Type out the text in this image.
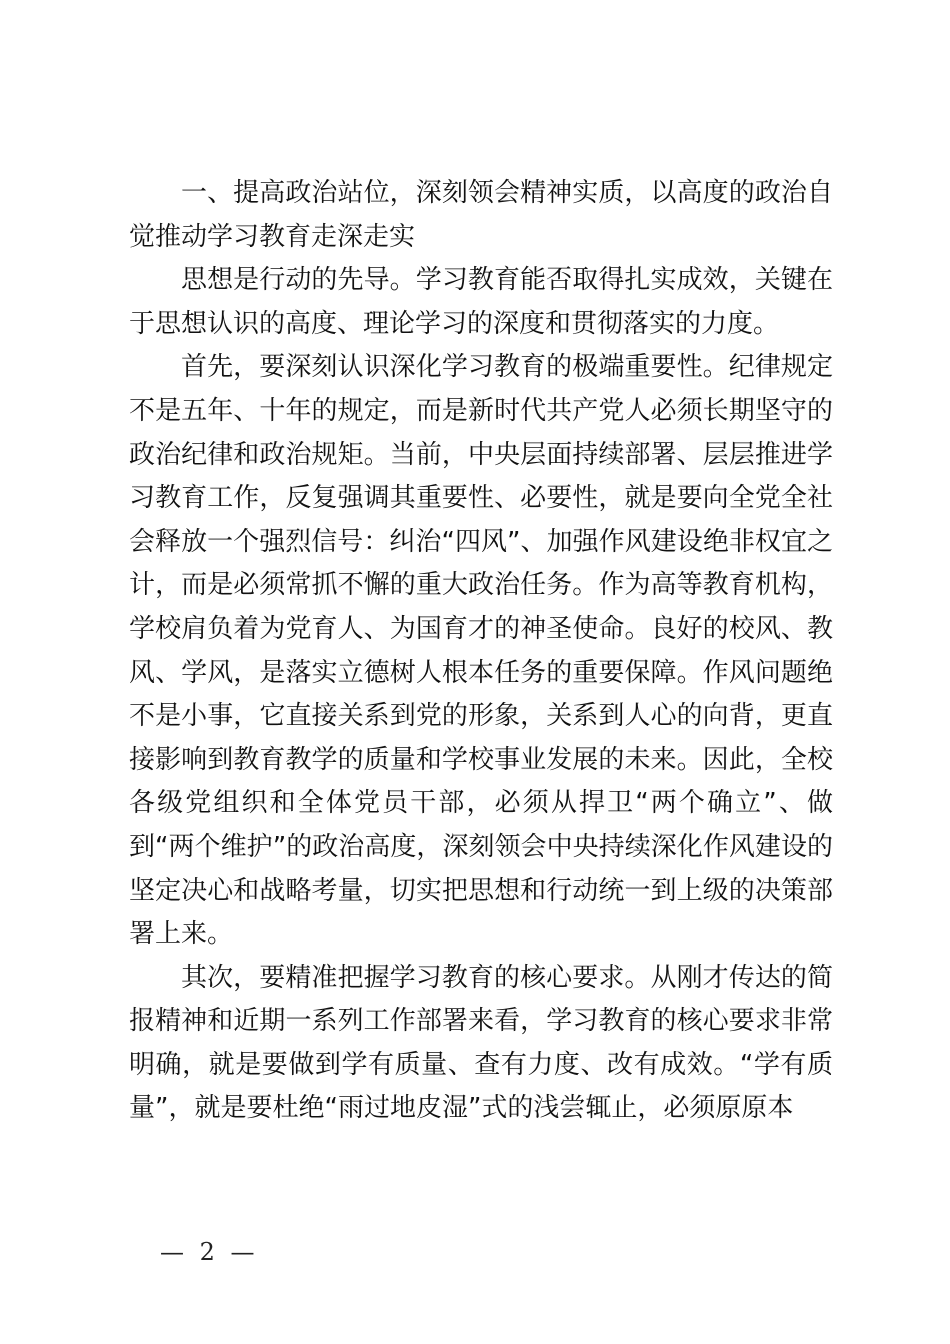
一、提高政治站位，深刻领会精神实质，以高度的政治自觉推动学习教育走深走实

思想是行动的先导。学习教育能否取得扎实成效，关键在于思想认识的高度、理论学习的深度和贯彻落实的力度。

首先，要深刻认识深化学习教育的极端重要性。纪律规定不是五年、十年的规定，而是新时代共产党人必须长期坚守的政治纪律和政治规矩。当前，中央层面持续部署、层层推进学习教育工作，反复强调其重要性、必要性，就是要向全党全社会释放一个强烈信号：纠治“四风”、加强作风建设绝非权宜之计，而是必须常抓不懈的重大政治任务。作为高等教育机构，学校肩负着为党育人、为国育才的神圣使命。良好的校风、教风、学风，是落实立德树人根本任务的重要保障。作风问题绝不是小事，它直接关系到党的形象，关系到人心的向背，更直接影响到教育教学的质量和学校事业发展的未来。因此，全校各级党组织和全体党员干部，必须从捍卫“两个确立”、做到“两个维护”的政治高度，深刻领会中央持续深化作风建设的坚定决心和战略考量，切实把思想和行动统一到上级的决策部署上来。

其次，要精准把握学习教育的核心要求。从刚才传达的简报精神和近期一系列工作部署来看，学习教育的核心要求非常明确，就是要做到学有质量、查有力度、改有成效。“学有质量”，就是要杜绝“雨过地皮湿”式的浅尝辄止，必须原原本

— 2 —
